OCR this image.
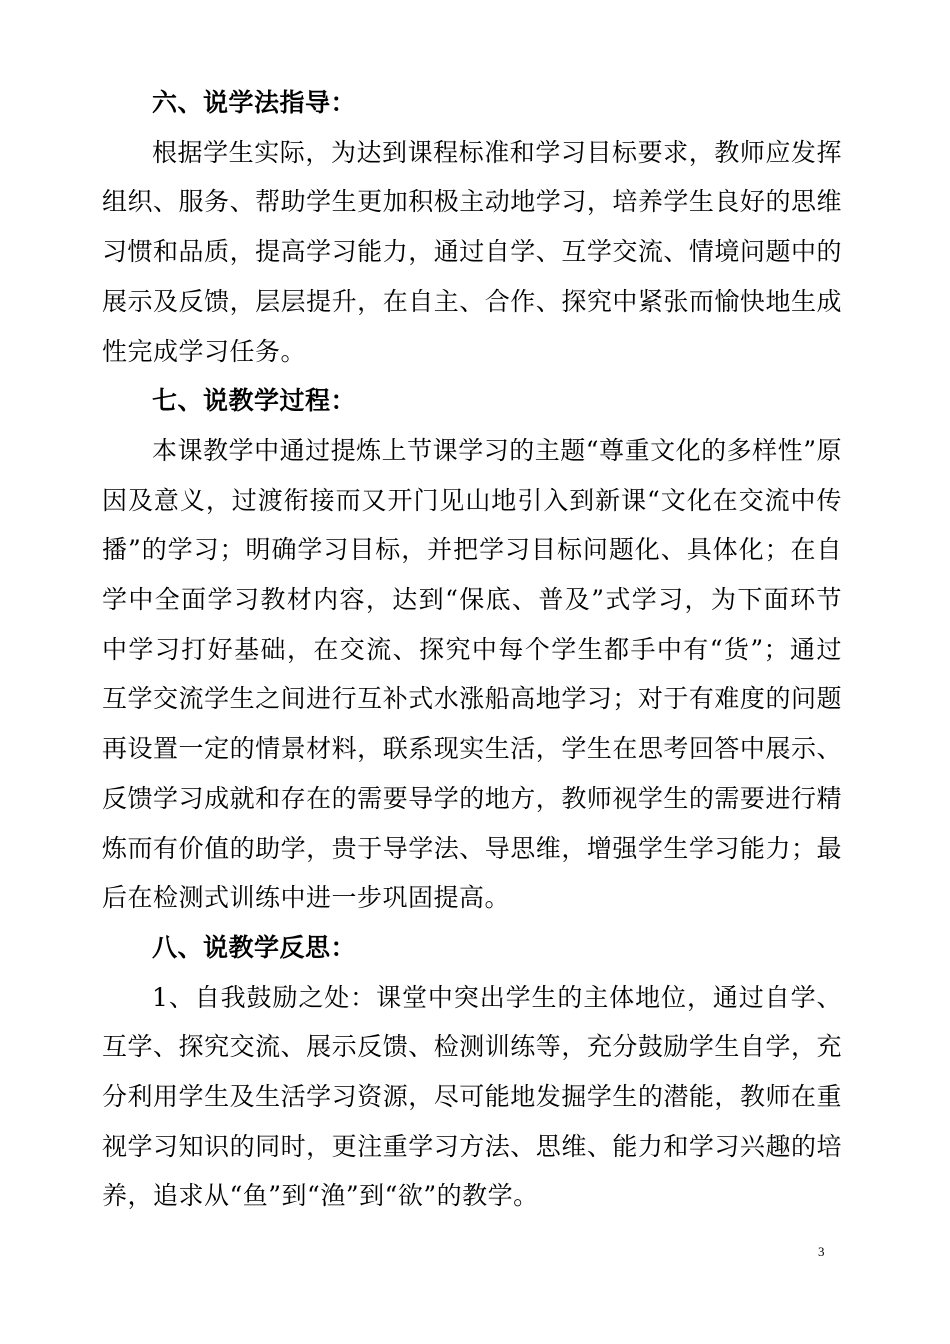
六、说学法指导：

根据学生实际，为达到课程标准和学习目标要求，教师应发挥组织、服务、帮助学生更加积极主动地学习，培养学生良好的思维习惯和品质，提高学习能力，通过自学、互学交流、情境问题中的展示及反馈，层层提升，在自主、合作、探究中紧张而愉快地生成性完成学习任务。

七、说教学过程：

本课教学中通过提炼上节课学习的主题“尊重文化的多样性”原因及意义，过渡衔接而又开门见山地引入到新课“文化在交流中传播”的学习；明确学习目标，并把学习目标问题化、具体化；在自学中全面学习教材内容，达到“保底、普及”式学习，为下面环节中学习打好基础，在交流、探究中每个学生都手中有“货”；通过互学交流学生之间进行互补式水涨船高地学习；对于有难度的问题再设置一定的情景材料，联系现实生活，学生在思考回答中展示、反馈学习成就和存在的需要导学的地方，教师视学生的需要进行精炼而有价值的助学，贵于导学法、导思维，增强学生学习能力；最后在检测式训练中进一步巩固提高。

八、说教学反思：

1、自我鼓励之处：课堂中突出学生的主体地位，通过自学、互学、探究交流、展示反馈、检测训练等，充分鼓励学生自学，充分利用学生及生活学习资源，尽可能地发掘学生的潜能，教师在重视学习知识的同时，更注重学习方法、思维、能力和学习兴趣的培养，追求从“鱼”到“渔”到“欲”的教学。

3
